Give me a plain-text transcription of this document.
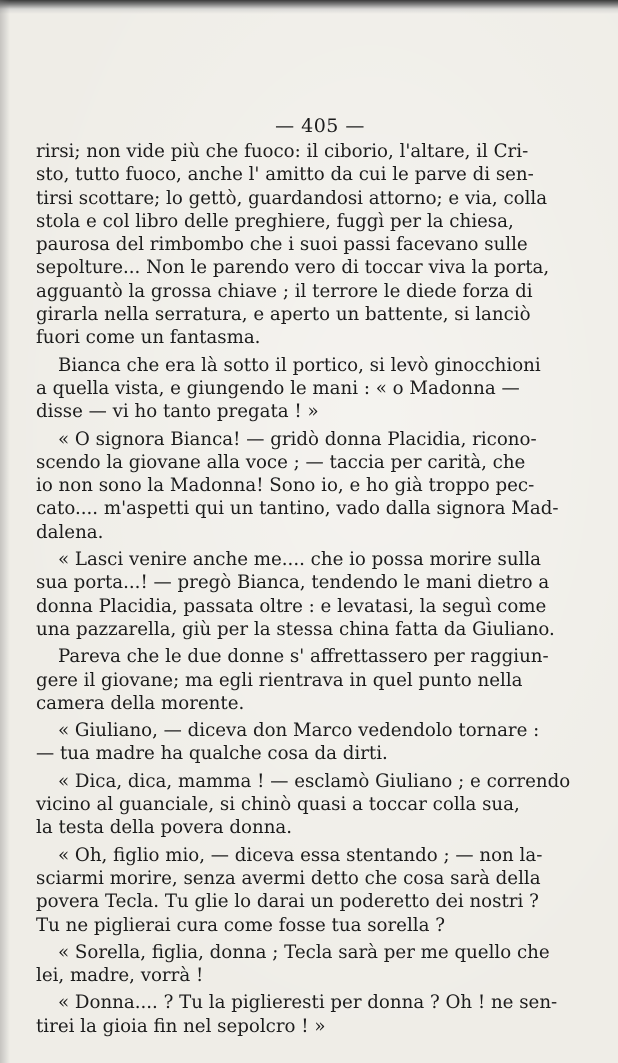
— 405 —
rirsi; non vide più che fuoco: il ciborio, l'altare, il Cri-
sto, tutto fuoco, anche l' amitto da cui le parve di sen-
tirsi scottare; lo gettò, guardandosi attorno; e via, colla
stola e col libro delle preghiere, fuggì per la chiesa,
paurosa del rimbombo che i suoi passi facevano sulle
sepolture... Non le parendo vero di toccar viva la porta,
agguantò la grossa chiave ; il terrore le diede forza di
girarla nella serratura, e aperto un battente, si lanciò
fuori come un fantasma.
Bianca che era là sotto il portico, si levò ginocchioni
a quella vista, e giungendo le mani : « o Madonna —
disse — vi ho tanto pregata ! »
« O signora Bianca! — gridò donna Placidia, ricono-
scendo la giovane alla voce ; — taccia per carità, che
io non sono la Madonna! Sono io, e ho già troppo pec-
cato.... m'aspetti qui un tantino, vado dalla signora Mad-
dalena.
« Lasci venire anche me.... che io possa morire sulla
sua porta...! — pregò Bianca, tendendo le mani dietro a
donna Placidia, passata oltre : e levatasi, la seguì come
una pazzarella, giù per la stessa china fatta da Giuliano.
Pareva che le due donne s' affrettassero per raggiun-
gere il giovane; ma egli rientrava in quel punto nella
camera della morente.
« Giuliano, — diceva don Marco vedendolo tornare :
— tua madre ha qualche cosa da dirti.
« Dica, dica, mamma ! — esclamò Giuliano ; e correndo
vicino al guanciale, si chinò quasi a toccar colla sua,
la testa della povera donna.
« Oh, figlio mio, — diceva essa stentando ; — non la-
sciarmi morire, senza avermi detto che cosa sarà della
povera Tecla. Tu glie lo darai un poderetto dei nostri ?
Tu ne piglierai cura come fosse tua sorella ?
« Sorella, figlia, donna ; Tecla sarà per me quello che
lei, madre, vorrà !
« Donna.... ? Tu la piglieresti per donna ? Oh ! ne sen-
tirei la gioia fin nel sepolcro ! »
